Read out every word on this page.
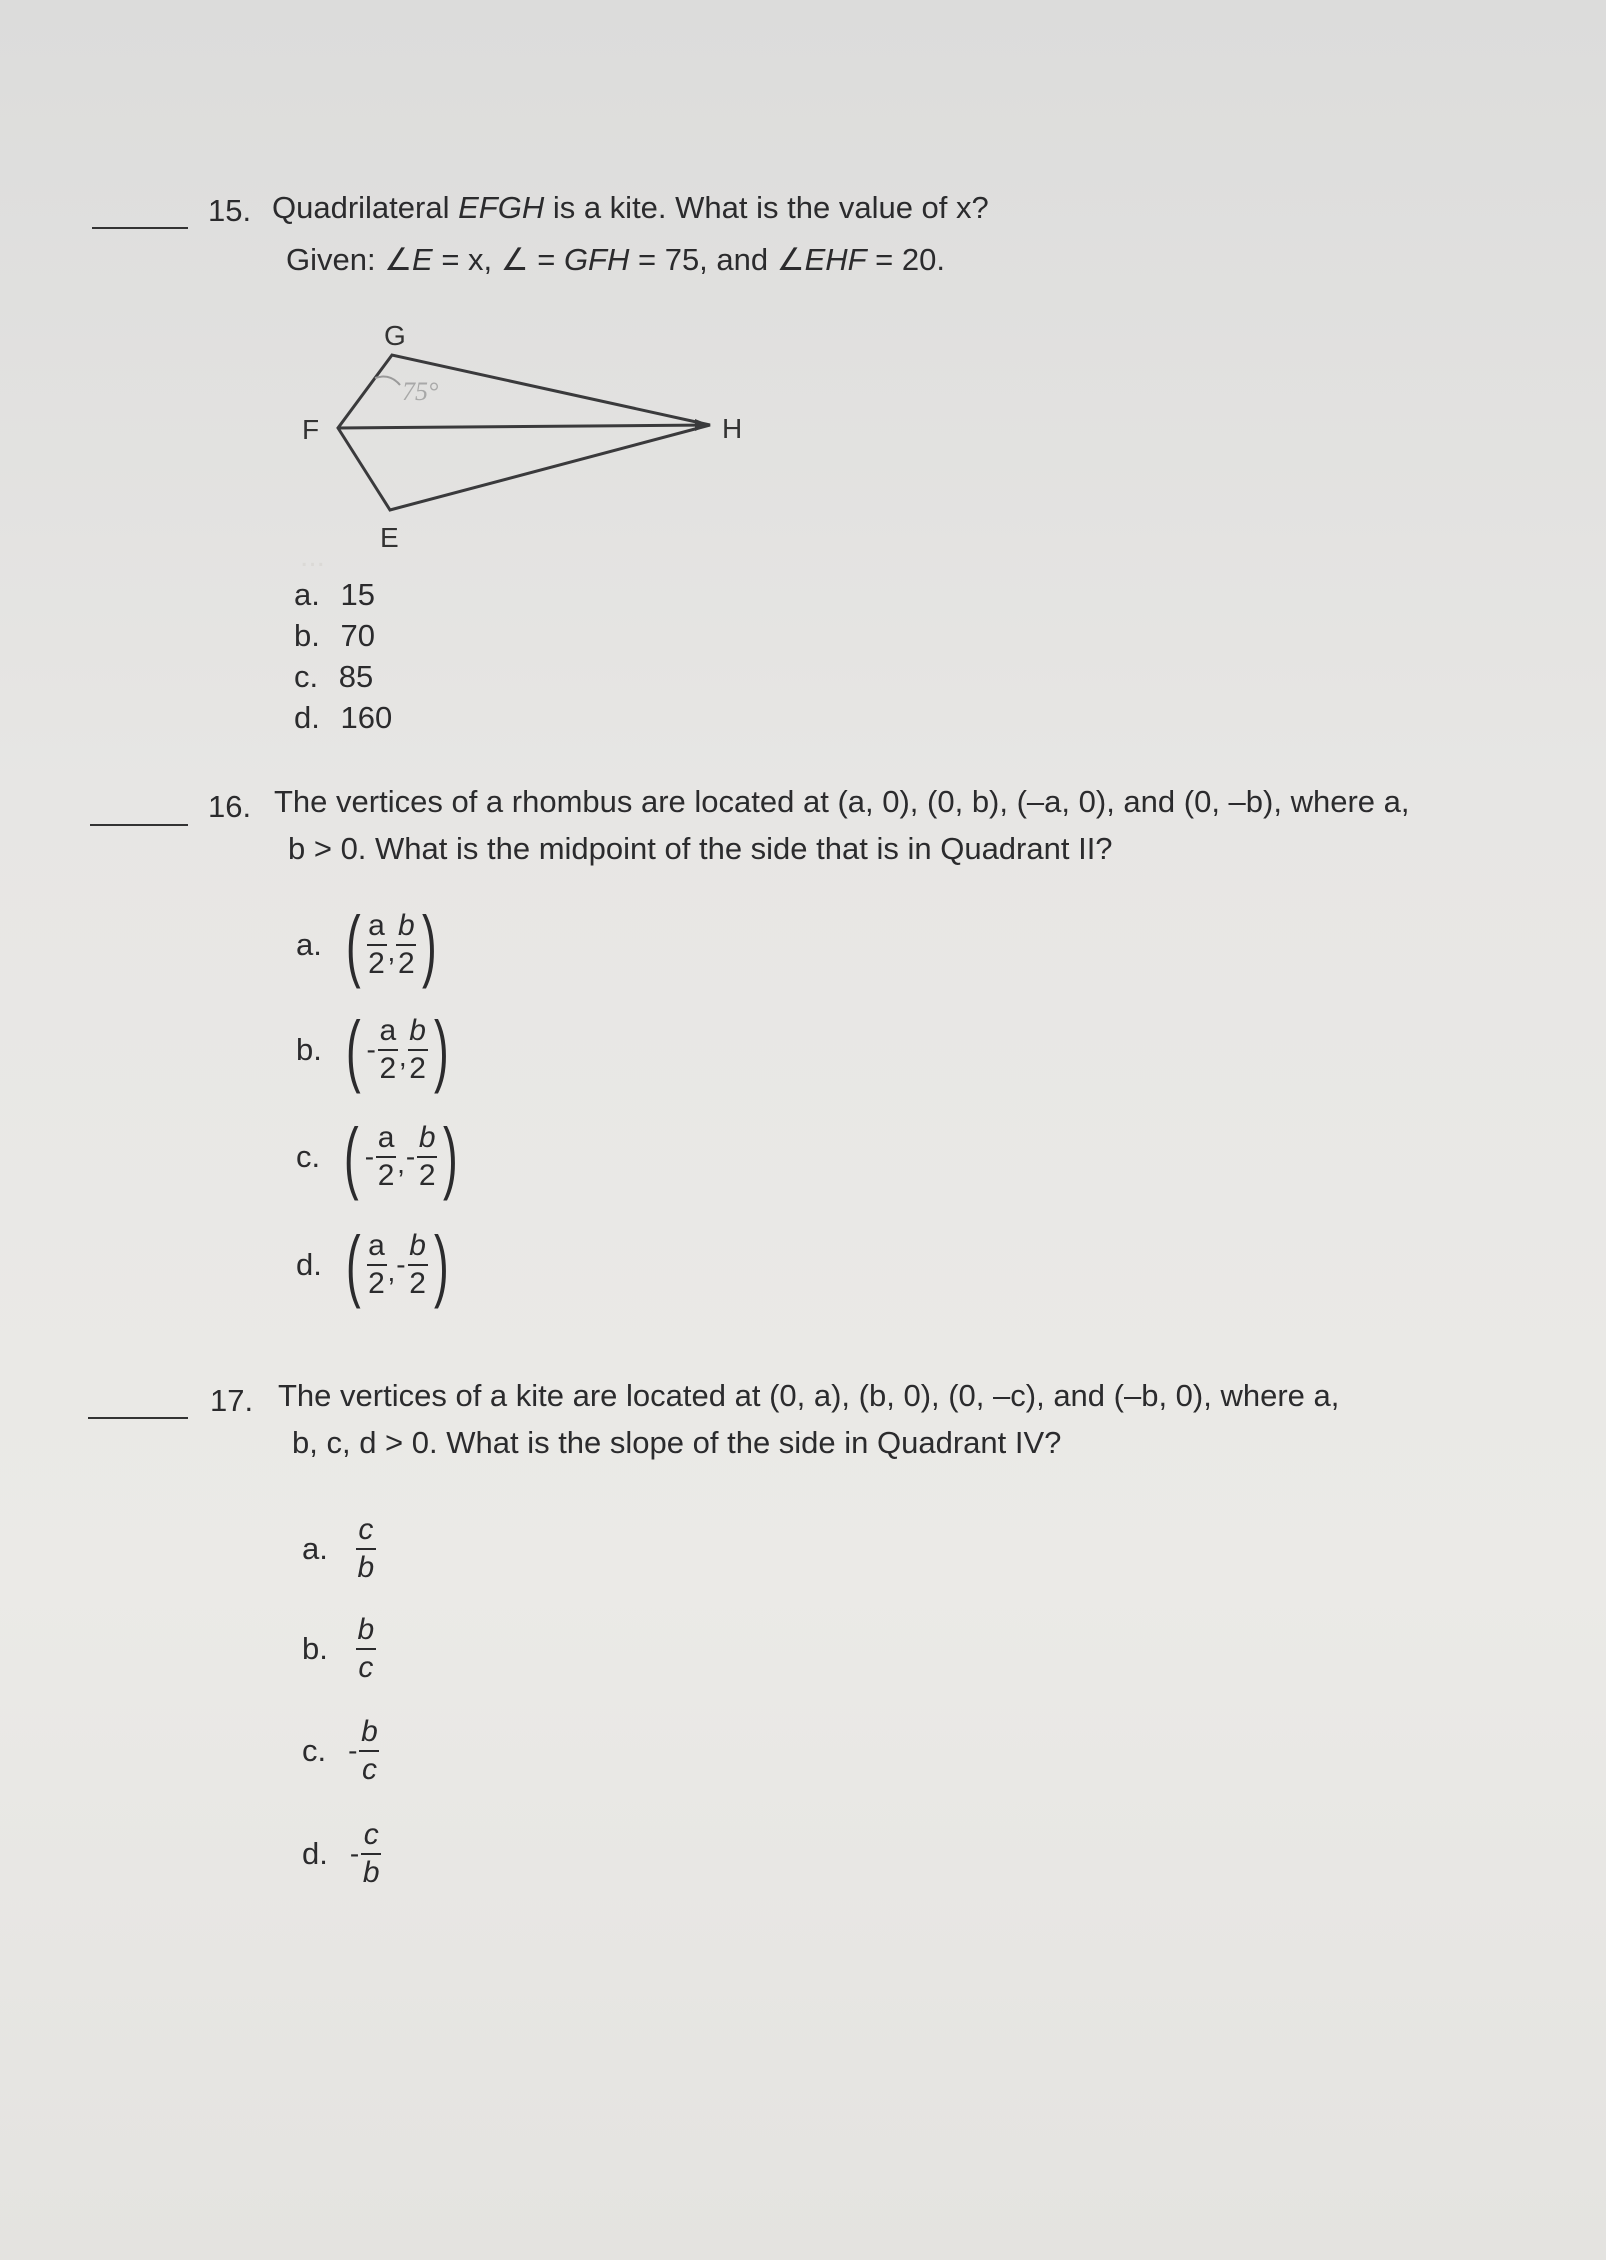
...
15. Quadrilateral EFGH is a kite. What is the value of x?
Given: ∠E = x, ∠ = GFH = 75, and ∠EHF = 20.
75°
G
F	H
E
a. 15
b. 70
c. 85
d. 160
16. The vertices of a rhombus are located at (a, 0), (0, b), (–a, 0), and (0, –b), where a,
b > 0. What is the midpoint of the side that is in Quadrant II?
a. ( $\frac{a}{2}$ , $\frac{b}{2}$ )
b. ( - $\frac{a}{2}$ , $\frac{b}{2}$ )
c. ( - $\frac{a}{2}$ , - $\frac{b}{2}$ )
d. ( $\frac{a}{2}$ , - $\frac{b}{2}$ )
17. The vertices of a kite are located at (0, a), (b, 0), (0, –c), and (–b, 0), where a,
b, c, d > 0. What is the slope of the side in Quadrant IV?
a. $\frac{c}{b}$
b. $\frac{b}{c}$
c. - $\frac{b}{c}$
d. - $\frac{c}{b}$
